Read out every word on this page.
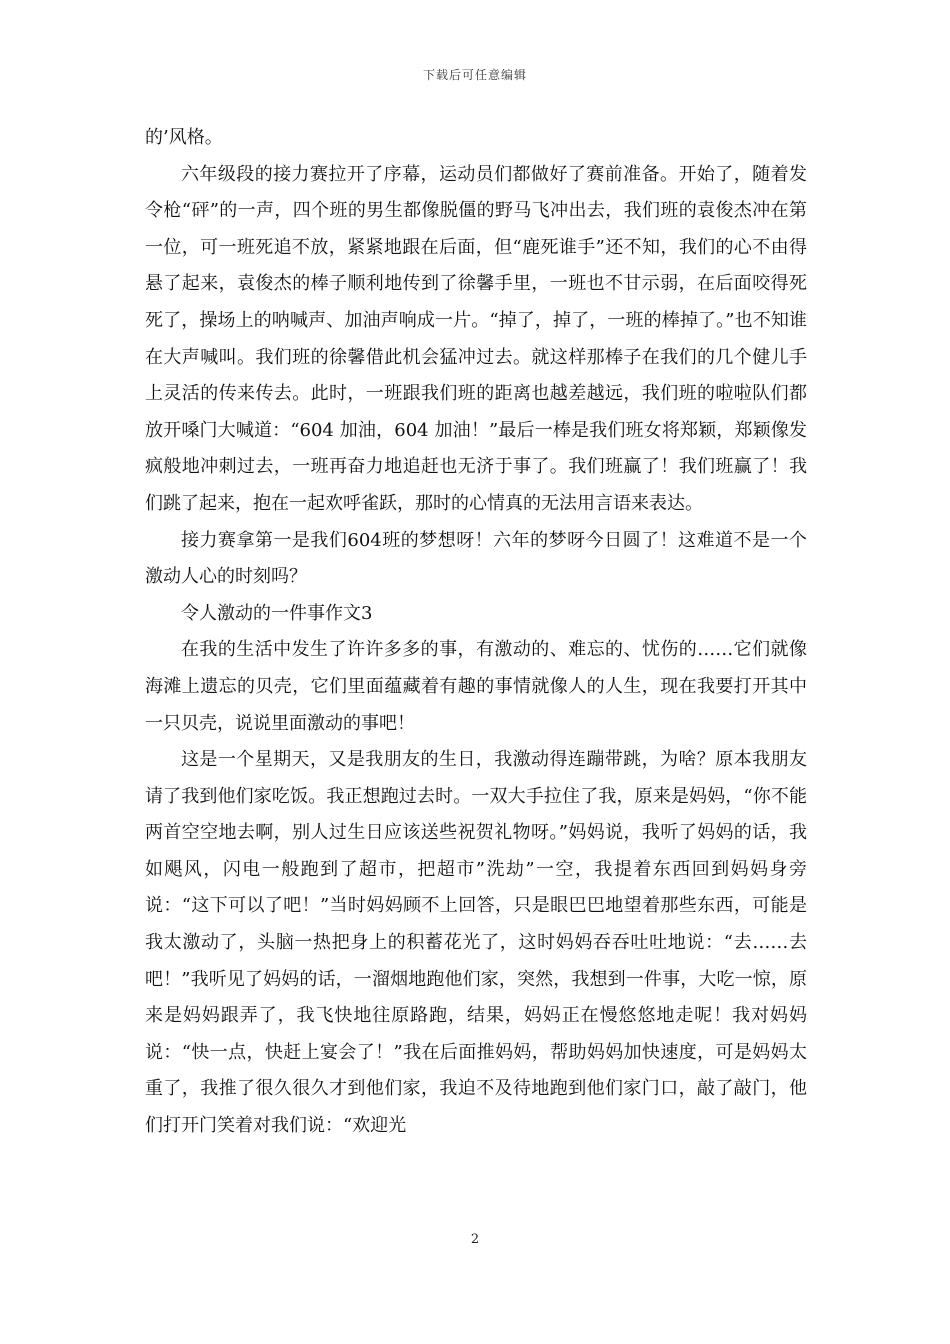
下载后可任意编辑

的’风格。

六年级段的接力赛拉开了序幕，运动员们都做好了赛前准备。开始了，随着发令枪“砰”的一声，四个班的男生都像脱僵的野马飞冲出去，我们班的袁俊杰冲在第一位，可一班死追不放，紧紧地跟在后面，但“鹿死谁手”还不知，我们的心不由得悬了起来，袁俊杰的棒子顺利地传到了徐馨手里，一班也不甘示弱，在后面咬得死死了，操场上的呐喊声、加油声响成一片。“掉了，掉了，一班的棒掉了。”也不知谁在大声喊叫。我们班的徐馨借此机会猛冲过去。就这样那棒子在我们的几个健儿手上灵活的传来传去。此时，一班跟我们班的距离也越差越远，我们班的啦啦队们都放开嗓门大喊道：“604 加油，604 加油！”最后一棒是我们班女将郑颖，郑颖像发疯般地冲刺过去，一班再奋力地追赶也无济于事了。我们班赢了！我们班赢了！我们跳了起来，抱在一起欢呼雀跃，那时的心情真的无法用言语来表达。

接力赛拿第一是我们604班的梦想呀！六年的梦呀今日圆了！这难道不是一个激动人心的时刻吗？

令人激动的一件事作文3

在我的生活中发生了许许多多的事，有激动的、难忘的、忧伤的……它们就像海滩上遗忘的贝壳，它们里面蕴藏着有趣的事情就像人的人生，现在我要打开其中一只贝壳，说说里面激动的事吧！

这是一个星期天，又是我朋友的生日，我激动得连蹦带跳，为啥？原本我朋友请了我到他们家吃饭。我正想跑过去时。一双大手拉住了我，原来是妈妈，“你不能两首空空地去啊，别人过生日应该送些祝贺礼物呀。”妈妈说，我听了妈妈的话，我如飓风，闪电一般跑到了超市，把超市”洗劫”一空，我提着东西回到妈妈身旁说：“这下可以了吧！”当时妈妈顾不上回答，只是眼巴巴地望着那些东西，可能是我太激动了，头脑一热把身上的积蓄花光了，这时妈妈吞吞吐吐地说：“去……去吧！”我听见了妈妈的话，一溜烟地跑他们家，突然，我想到一件事，大吃一惊，原来是妈妈跟弄了，我飞快地往原路跑，结果，妈妈正在慢悠悠地走呢！我对妈妈说：“快一点，快赶上宴会了！”我在后面推妈妈，帮助妈妈加快速度，可是妈妈太重了，我推了很久很久才到他们家，我迫不及待地跑到他们家门口，敲了敲门，他们打开门笑着对我们说：“欢迎光

2
